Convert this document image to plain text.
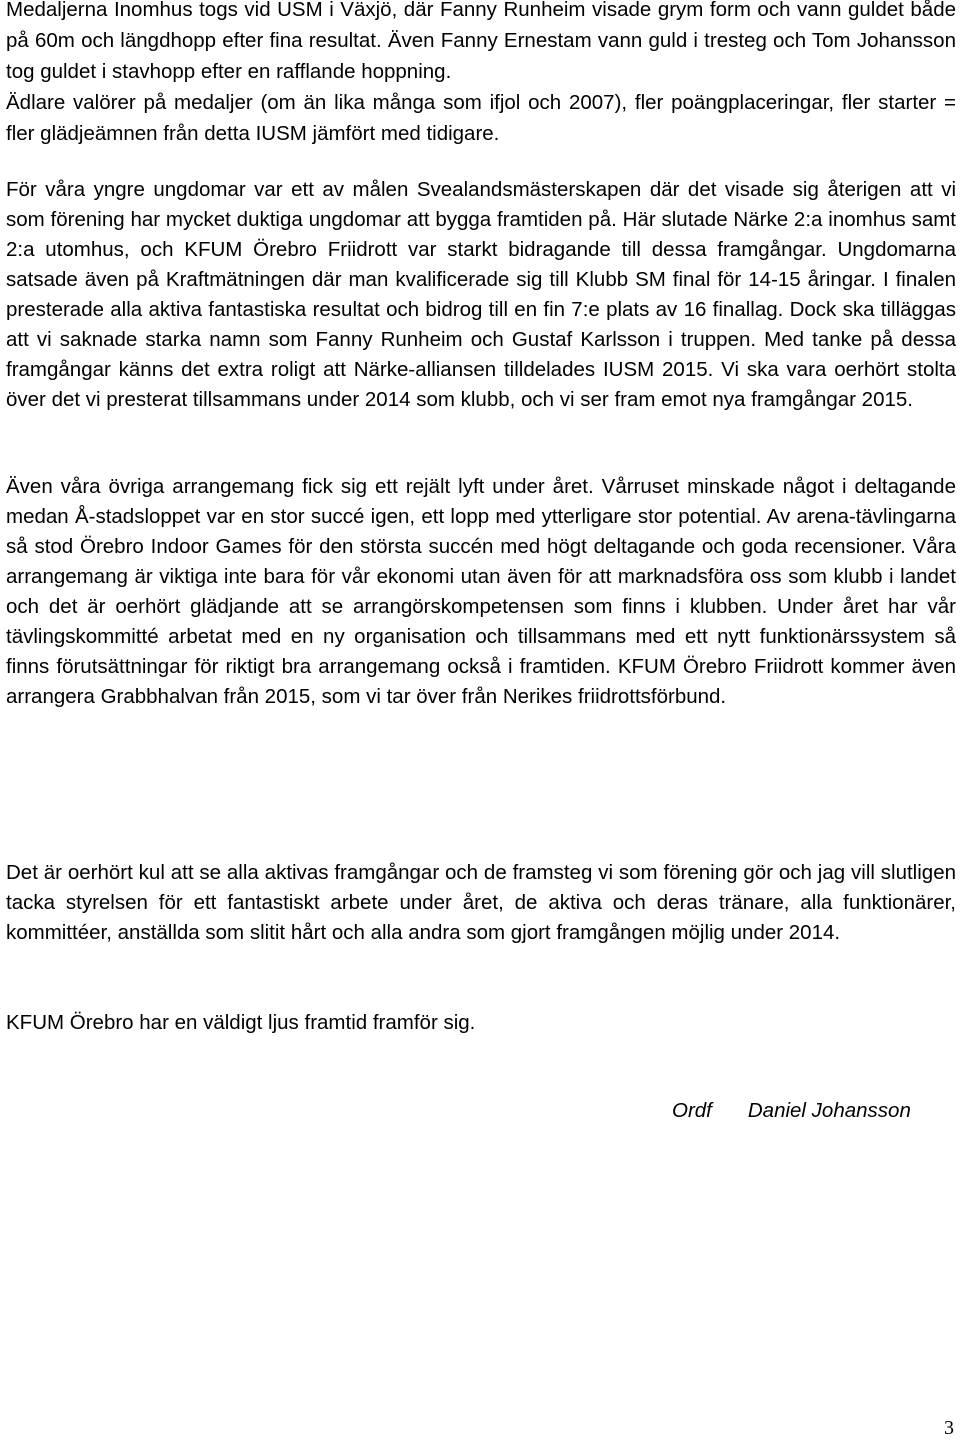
Medaljerna Inomhus togs vid USM i Växjö, där Fanny Runheim visade grym form och vann guldet både på 60m och längdhopp efter fina resultat. Även Fanny Ernestam vann guld i tresteg och Tom Johansson tog guldet i stavhopp efter en rafflande hoppning.
Ädlare valörer på medaljer (om än lika många som ifjol och 2007), fler poängplaceringar, fler starter = fler glädjeämnen från detta IUSM jämfört med tidigare.

För våra yngre ungdomar var ett av målen Svealandsmästerskapen där det visade sig återigen att vi som förening har mycket duktiga ungdomar att bygga framtiden på. Här slutade Närke 2:a inomhus samt 2:a utomhus, och KFUM Örebro Friidrott var starkt bidragande till dessa framgångar. Ungdomarna satsade även på Kraftmätningen där man kvalificerade sig till Klubb SM final för 14-15 åringar. I finalen presterade alla aktiva fantastiska resultat och bidrog till en fin 7:e plats av 16 finallag. Dock ska tilläggas att vi saknade starka namn som Fanny Runheim och Gustaf Karlsson i truppen. Med tanke på dessa framgångar känns det extra roligt att Närke-alliansen tilldelades IUSM 2015. Vi ska vara oerhört stolta över det vi presterat tillsammans under 2014 som klubb, och vi ser fram emot nya framgångar 2015.

Även våra övriga arrangemang fick sig ett rejält lyft under året. Vårruset minskade något i deltagande medan Å-stadsloppet var en stor succé igen, ett lopp med ytterligare stor potential. Av arena-tävlingarna så stod Örebro Indoor Games för den största succén med högt deltagande och goda recensioner. Våra arrangemang är viktiga inte bara för vår ekonomi utan även för att marknadsföra oss som klubb i landet och det är oerhört glädjande att se arrangörskompetensen som finns i klubben. Under året har vår tävlingskommitté arbetat med en ny organisation och tillsammans med ett nytt funktionärssystem så finns förutsättningar för riktigt bra arrangemang också i framtiden. KFUM Örebro Friidrott kommer även arrangera Grabbhalvan från 2015, som vi tar över från Nerikes friidrottsförbund.

Det är oerhört kul att se alla aktivas framgångar och de framsteg vi som förening gör och jag vill slutligen tacka styrelsen för ett fantastiskt arbete under året, de aktiva och deras tränare, alla funktionärer, kommittéer, anställda som slitit hårt och alla andra som gjort framgången möjlig under 2014.

KFUM Örebro har en väldigt ljus framtid framför sig.

Ordf Daniel Johansson
3
